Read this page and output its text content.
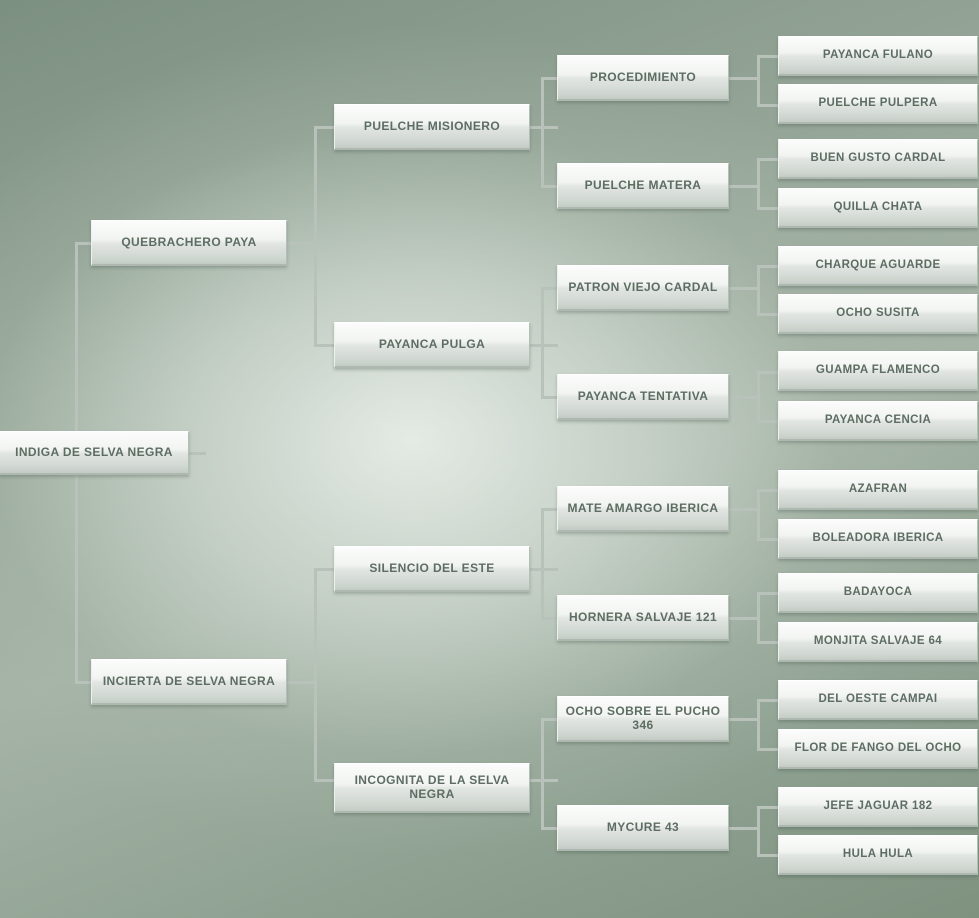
INDIGA DE SELVA NEGRA
QUEBRACHERO PAYA
INCIERTA DE SELVA NEGRA
PUELCHE MISIONERO
PAYANCA PULGA
SILENCIO DEL ESTE
INCOGNITA DE LA SELVA NEGRA
PROCEDIMIENTO
PUELCHE MATERA
PATRON VIEJO CARDAL
PAYANCA TENTATIVA
MATE AMARGO IBERICA
HORNERA SALVAJE 121
OCHO SOBRE EL PUCHO 346
MYCURE 43
PAYANCA FULANO
PUELCHE PULPERA
BUEN GUSTO CARDAL
QUILLA CHATA
CHARQUE AGUARDE
OCHO SUSITA
GUAMPA FLAMENCO
PAYANCA CENCIA
AZAFRAN
BOLEADORA IBERICA
BADAYOCA
MONJITA SALVAJE 64
DEL OESTE CAMPAI
FLOR DE FANGO DEL OCHO
JEFE JAGUAR 182
HULA HULA
